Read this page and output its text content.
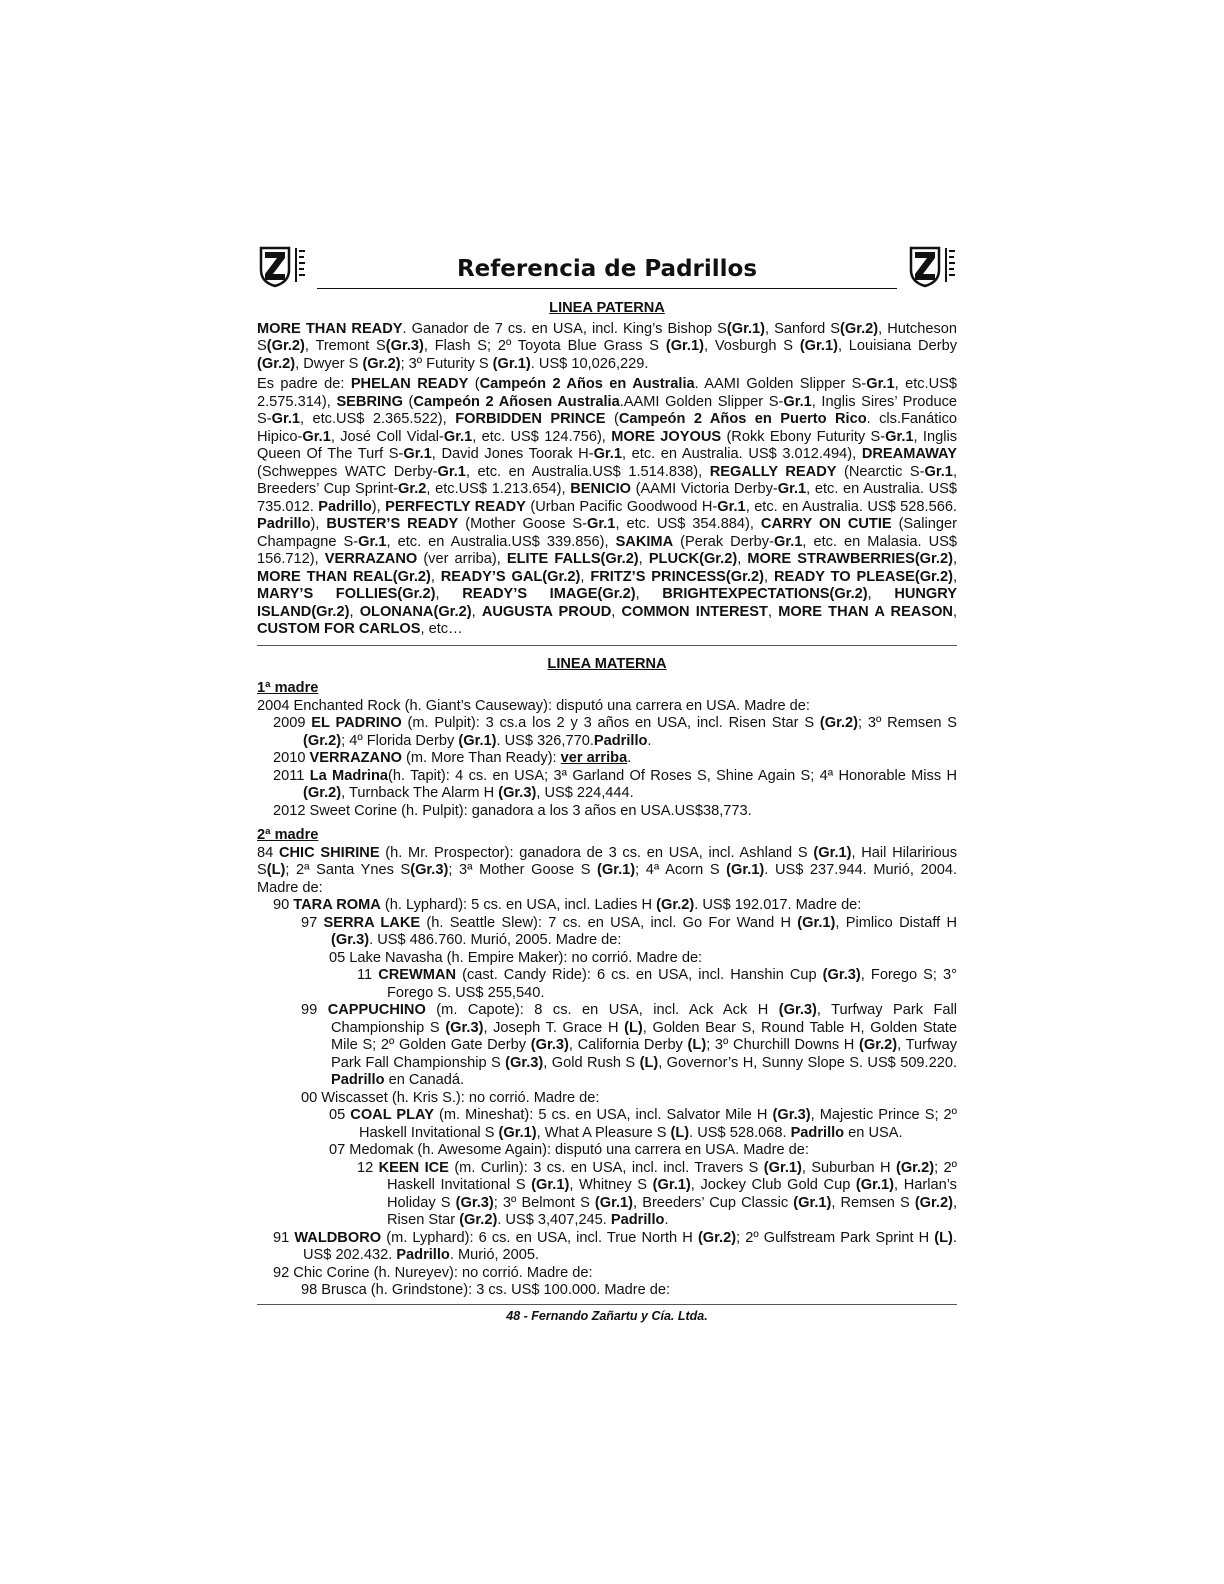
Referencia de Padrillos
LINEA PATERNA

MORE THAN READY. Ganador de 7 cs. en USA, incl. King’s Bishop S(Gr.1), Sanford S(Gr.2), Hutcheson S(Gr.2), Tremont S(Gr.3), Flash S; 2º Toyota Blue Grass S (Gr.1), Vosburgh S (Gr.1), Louisiana Derby (Gr.2), Dwyer S (Gr.2); 3º Futurity S (Gr.1). US$ 10,026,229.

Es padre de: PHELAN READY (Campeón 2 Años en Australia. AAMI Golden Slipper S-Gr.1, etc.US$ 2.575.314), SEBRING (Campeón 2 Añosen Australia.AAMI Golden Slipper S-Gr.1, Inglis Sires’ Produce S-Gr.1, etc.US$ 2.365.522), FORBIDDEN PRINCE (Campeón 2 Años en Puerto Rico. cls.Fanático Hipico-Gr.1, José Coll Vidal-Gr.1, etc. US$ 124.756), MORE JOYOUS (Rokk Ebony Futurity S-Gr.1, Inglis Queen Of The Turf S-Gr.1, David Jones Toorak H-Gr.1, etc. en Australia. US$ 3.012.494), DREAMAWAY (Schweppes WATC Derby-Gr.1, etc. en Australia.US$ 1.514.838), REGALLY READY (Nearctic S-Gr.1, Breeders’ Cup Sprint-Gr.2, etc.US$ 1.213.654), BENICIO (AAMI Victoria Derby-Gr.1, etc. en Australia. US$ 735.012. Padrillo), PERFECTLY READY (Urban Pacific Goodwood H-Gr.1, etc. en Australia. US$ 528.566. Padrillo), BUSTER’S READY (Mother Goose S-Gr.1, etc. US$ 354.884), CARRY ON CUTIE (Salinger Champagne S-Gr.1, etc. en Australia.US$ 339.856), SAKIMA (Perak Derby-Gr.1, etc. en Malasia. US$ 156.712), VERRAZANO (ver arriba), ELITE FALLS(Gr.2), PLUCK(Gr.2), MORE STRAWBERRIES(Gr.2), MORE THAN REAL(Gr.2), READY’S GAL(Gr.2), FRITZ’S PRINCESS(Gr.2), READY TO PLEASE(Gr.2), MARY’S FOLLIES(Gr.2), READY’S IMAGE(Gr.2), BRIGHTEXPECTATIONS(Gr.2), HUNGRY ISLAND(Gr.2), OLONANA(Gr.2), AUGUSTA PROUD, COMMON INTEREST, MORE THAN A REASON, CUSTOM FOR CARLOS, etc…

LINEA MATERNA
1ª madre

2004 Enchanted Rock (h. Giant’s Causeway): disputó una carrera en USA. Madre de:

2009 EL PADRINO (m. Pulpit): 3 cs.a los 2 y 3 años en USA, incl. Risen Star S (Gr.2); 3º Remsen S (Gr.2); 4º Florida Derby (Gr.1). US$ 326,770.Padrillo.

2010 VERRAZANO (m. More Than Ready): ver arriba.

2011 La Madrina(h. Tapit): 4 cs. en USA; 3ª Garland Of Roses S, Shine Again S; 4ª Honorable Miss H (Gr.2), Turnback The Alarm H (Gr.3), US$ 224,444.

2012 Sweet Corine (h. Pulpit): ganadora a los 3 años en USA.US$38,773.

2ª madre

84 CHIC SHIRINE (h. Mr. Prospector): ganadora de 3 cs. en USA, incl. Ashland S (Gr.1), Hail Hilaririous S(L); 2ª Santa Ynes S(Gr.3); 3ª Mother Goose S (Gr.1); 4ª Acorn S (Gr.1). US$ 237.944. Murió, 2004. Madre de:

90 TARA ROMA (h. Lyphard): 5 cs. en USA, incl. Ladies H (Gr.2). US$ 192.017. Madre de:

97 SERRA LAKE (h. Seattle Slew): 7 cs. en USA, incl. Go For Wand H (Gr.1), Pimlico Distaff H (Gr.3). US$ 486.760. Murió, 2005. Madre de:

05 Lake Navasha (h. Empire Maker): no corrió. Madre de:

11 CREWMAN (cast. Candy Ride): 6 cs. en USA, incl. Hanshin Cup (Gr.3), Forego S; 3° Forego S. US$ 255,540.

99 CAPPUCHINO (m. Capote): 8 cs. en USA, incl. Ack Ack H (Gr.3), Turfway Park Fall Championship S (Gr.3), Joseph T. Grace H (L), Golden Bear S, Round Table H, Golden State Mile S; 2º Golden Gate Derby (Gr.3), California Derby (L); 3º Churchill Downs H (Gr.2), Turfway Park Fall Championship S (Gr.3), Gold Rush S (L), Governor’s H, Sunny Slope S. US$ 509.220. Padrillo en Canadá.

00 Wiscasset (h. Kris S.): no corrió. Madre de:

05 COAL PLAY (m. Mineshat): 5 cs. en USA, incl. Salvator Mile H (Gr.3), Majestic Prince S; 2º Haskell Invitational S (Gr.1), What A Pleasure S (L). US$ 528.068. Padrillo en USA.

07 Medomak (h. Awesome Again): disputó una carrera en USA. Madre de:

12 KEEN ICE (m. Curlin): 3 cs. en USA, incl. incl. Travers S (Gr.1), Suburban H (Gr.2); 2º Haskell Invitational S (Gr.1), Whitney S (Gr.1), Jockey Club Gold Cup (Gr.1), Harlan’s Holiday S (Gr.3); 3º Belmont S (Gr.1), Breeders’ Cup Classic (Gr.1), Remsen S (Gr.2), Risen Star (Gr.2). US$ 3,407,245. Padrillo.

91 WALDBORO (m. Lyphard): 6 cs. en USA, incl. True North H (Gr.2); 2º Gulfstream Park Sprint H (L). US$ 202.432. Padrillo. Murió, 2005.

92 Chic Corine (h. Nureyev): no corrió. Madre de:

98 Brusca (h. Grindstone): 3 cs. US$ 100.000. Madre de:

48 - Fernando Zañartu y Cía. Ltda.
